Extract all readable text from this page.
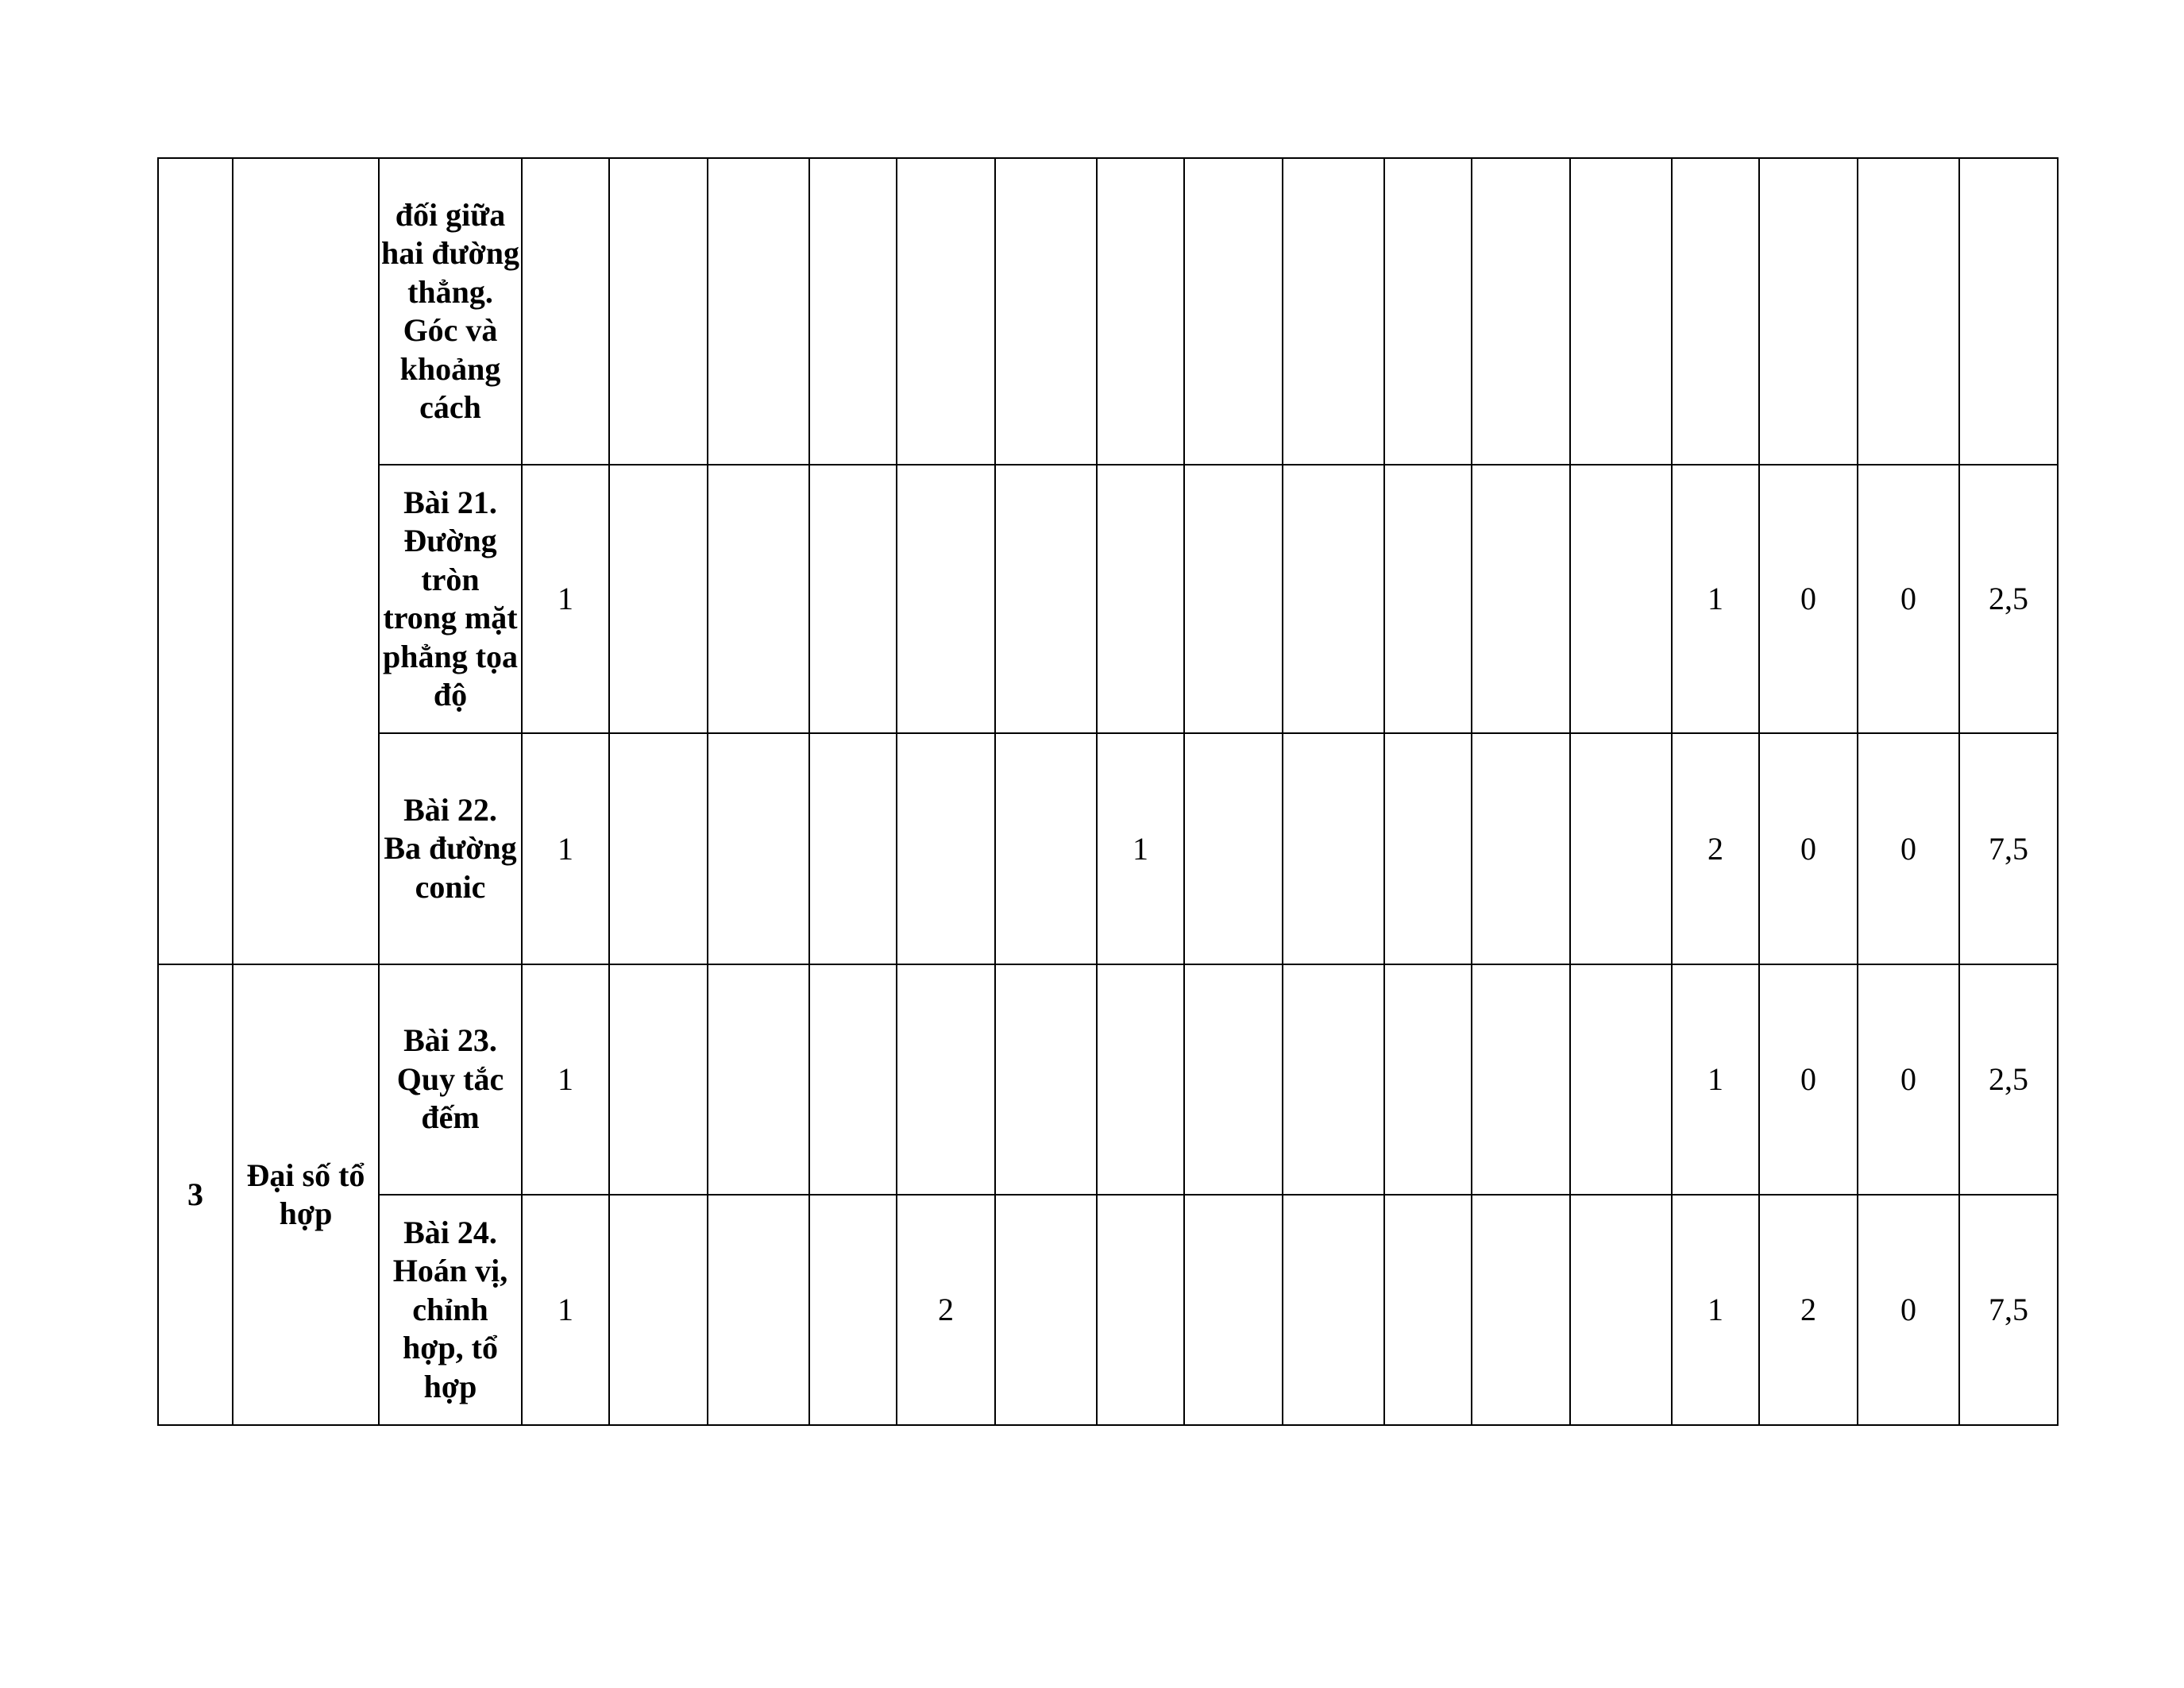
		đối giữa hai đường thẳng. Góc và khoảng cách																
		Bài 21. Đường tròn trong mặt phẳng tọa độ	1												1	0	0	2,5
		Bài 22. Ba đường conic	1						1						2	0	0	7,5
3	Đại số tổ hợp	Bài 23. Quy tắc đếm	1												1	0	0	2,5
		Bài 24. Hoán vị, chỉnh hợp, tổ hợp	1				2								1	2	0	7,5
